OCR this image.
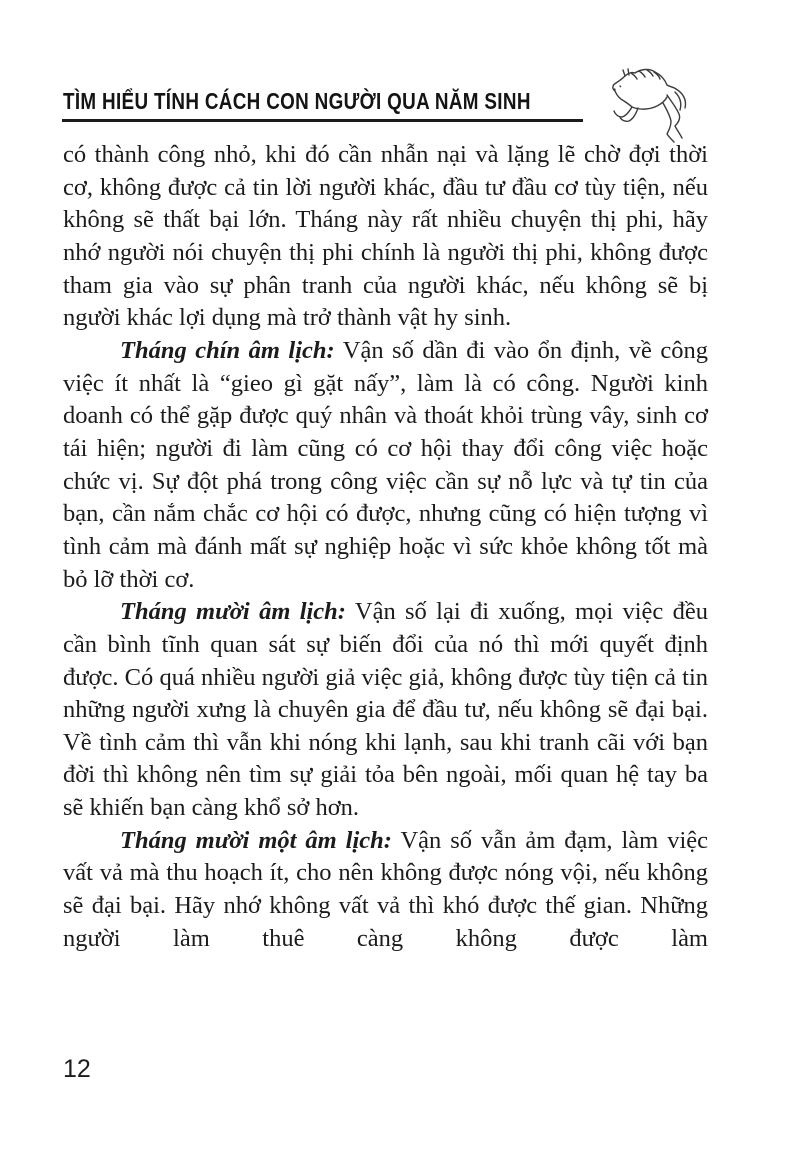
TÌM HIỂU TÍNH CÁCH CON NGƯỜI QUA NĂM SINH

có thành công nhỏ, khi đó cần nhẫn nại và lặng lẽ chờ đợi thời cơ, không được cả tin lời người khác, đầu tư đầu cơ tùy tiện, nếu không sẽ thất bại lớn. Tháng này rất nhiều chuyện thị phi, hãy nhớ người nói chuyện thị phi chính là người thị phi, không được tham gia vào sự phân tranh của người khác, nếu không sẽ bị người khác lợi dụng mà trở thành vật hy sinh.

Tháng chín âm lịch: Vận số dần đi vào ổn định, về công việc ít nhất là “gieo gì gặt nấy”, làm là có công. Người kinh doanh có thể gặp được quý nhân và thoát khỏi trùng vây, sinh cơ tái hiện; người đi làm cũng có cơ hội thay đổi công việc hoặc chức vị. Sự đột phá trong công việc cần sự nỗ lực và tự tin của bạn, cần nắm chắc cơ hội có được, nhưng cũng có hiện tượng vì tình cảm mà đánh mất sự nghiệp hoặc vì sức khỏe không tốt mà bỏ lỡ thời cơ.

Tháng mười âm lịch: Vận số lại đi xuống, mọi việc đều cần bình tĩnh quan sát sự biến đổi của nó thì mới quyết định được. Có quá nhiều người giả việc giả, không được tùy tiện cả tin những người xưng là chuyên gia để đầu tư, nếu không sẽ đại bại. Về tình cảm thì vẫn khi nóng khi lạnh, sau khi tranh cãi với bạn đời thì không nên tìm sự giải tỏa bên ngoài, mối quan hệ tay ba sẽ khiến bạn càng khổ sở hơn.

Tháng mười một âm lịch: Vận số vẫn ảm đạm, làm việc vất vả mà thu hoạch ít, cho nên không được nóng vội, nếu không sẽ đại bại. Hãy nhớ không vất vả thì khó được thế gian. Những người làm thuê càng không được làm

12
